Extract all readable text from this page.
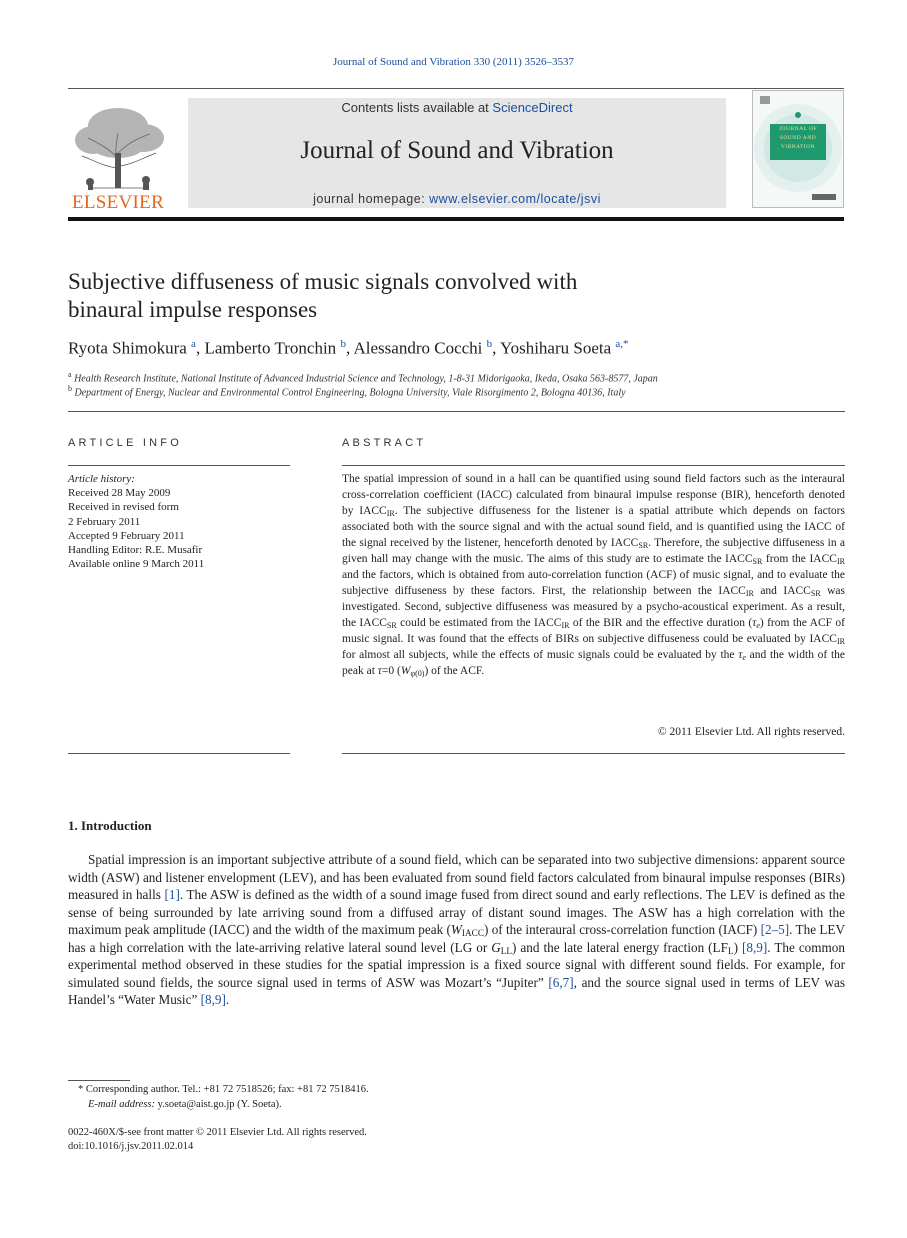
Journal of Sound and Vibration 330 (2011) 3526–3537
ELSEVIER
Contents lists available at ScienceDirect
Journal of Sound and Vibration
journal homepage: www.elsevier.com/locate/jsvi
JOURNAL OF SOUND AND VIBRATION
Subjective diffuseness of music signals convolved with
binaural impulse responses
Ryota Shimokura $^a$, Lamberto Tronchin $^b$, Alessandro Cocchi $^b$, Yoshiharu Soeta $^{a,*}$
$^a$ Health Research Institute, National Institute of Advanced Industrial Science and Technology, 1-8-31 Midorigaoka, Ikeda, Osaka 563-8577, Japan
$^b$ Department of Energy, Nuclear and Environmental Control Engineering, Bologna University, Viale Risorgimento 2, Bologna 40136, Italy
ARTICLE INFO
Article history:
Received 28 May 2009
Received in revised form
2 February 2011
Accepted 9 February 2011
Handling Editor: R.E. Musafir
Available online 9 March 2011
ABSTRACT
The spatial impression of sound in a hall can be quantified using sound field factors such as the interaural cross-correlation coefficient (IACC) calculated from binaural impulse response (BIR), henceforth denoted by $IACC_{IR}$. The subjective diffuseness for the listener is a spatial attribute which depends on factors associated both with the source signal and with the actual sound field, and is quantified using the IACC of the signal received by the listener, henceforth denoted by $IACC_{SR}$. Therefore, the subjective diffuseness in a given hall may change with the music. The aims of this study are to estimate the $IACC_{SR}$ from the $IACC_{IR}$ and the factors, which is obtained from auto-correlation function (ACF) of music signal, and to evaluate the subjective diffuseness by these factors. First, the relationship between the $IACC_{IR}$ and $IACC_{SR}$ was investigated. Second, subjective diffuseness was measured by a psycho-acoustical experiment. As a result, the $IACC_{SR}$ could be estimated from the $IACC_{IR}$ of the BIR and the effective duration $(\tau_e)$ from the ACF of music signal. It was found that the effects of BIRs on subjective diffuseness could be evaluated by $IACC_{IR}$ for almost all subjects, while the effects of music signals could be evaluated by the $\tau_e$ and the width of the peak at τ=0 $(W_{\varphi(0)})$ of the ACF.
© 2011 Elsevier Ltd. All rights reserved.
1. Introduction
Spatial impression is an important subjective attribute of a sound field, which can be separated into two subjective dimensions: apparent source width (ASW) and listener envelopment (LEV), and has been evaluated from sound field factors calculated from binaural impulse responses (BIRs) measured in halls [1]. The ASW is defined as the width of a sound image fused from direct sound and early reflections. The LEV is defined as the sense of being surrounded by late arriving sound from a diffused array of distant sound images. The ASW has a high correlation with the maximum peak amplitude (IACC) and the width of the maximum peak $(W_{IACC})$ of the interaural cross-correlation function (IACF) [2–5]. The LEV has a high correlation with the late-arriving relative lateral sound level (LG or $G_{LL}$) and the late lateral energy fraction $(LF_L)$ [8,9]. The common experimental method observed in these studies for the spatial impression is a fixed source signal with different sound fields. For example, for simulated sound fields, the source signal used in terms of ASW was Mozart’s “Jupiter” [6,7], and the source signal used in terms of LEV was Handel’s “Water Music” [8,9].
* Corresponding author. Tel.: +81 72 7518526; fax: +81 72 7518416.
E-mail address: y.soeta@aist.go.jp (Y. Soeta).
0022-460X/$-see front matter © 2011 Elsevier Ltd. All rights reserved.
doi:10.1016/j.jsv.2011.02.014
